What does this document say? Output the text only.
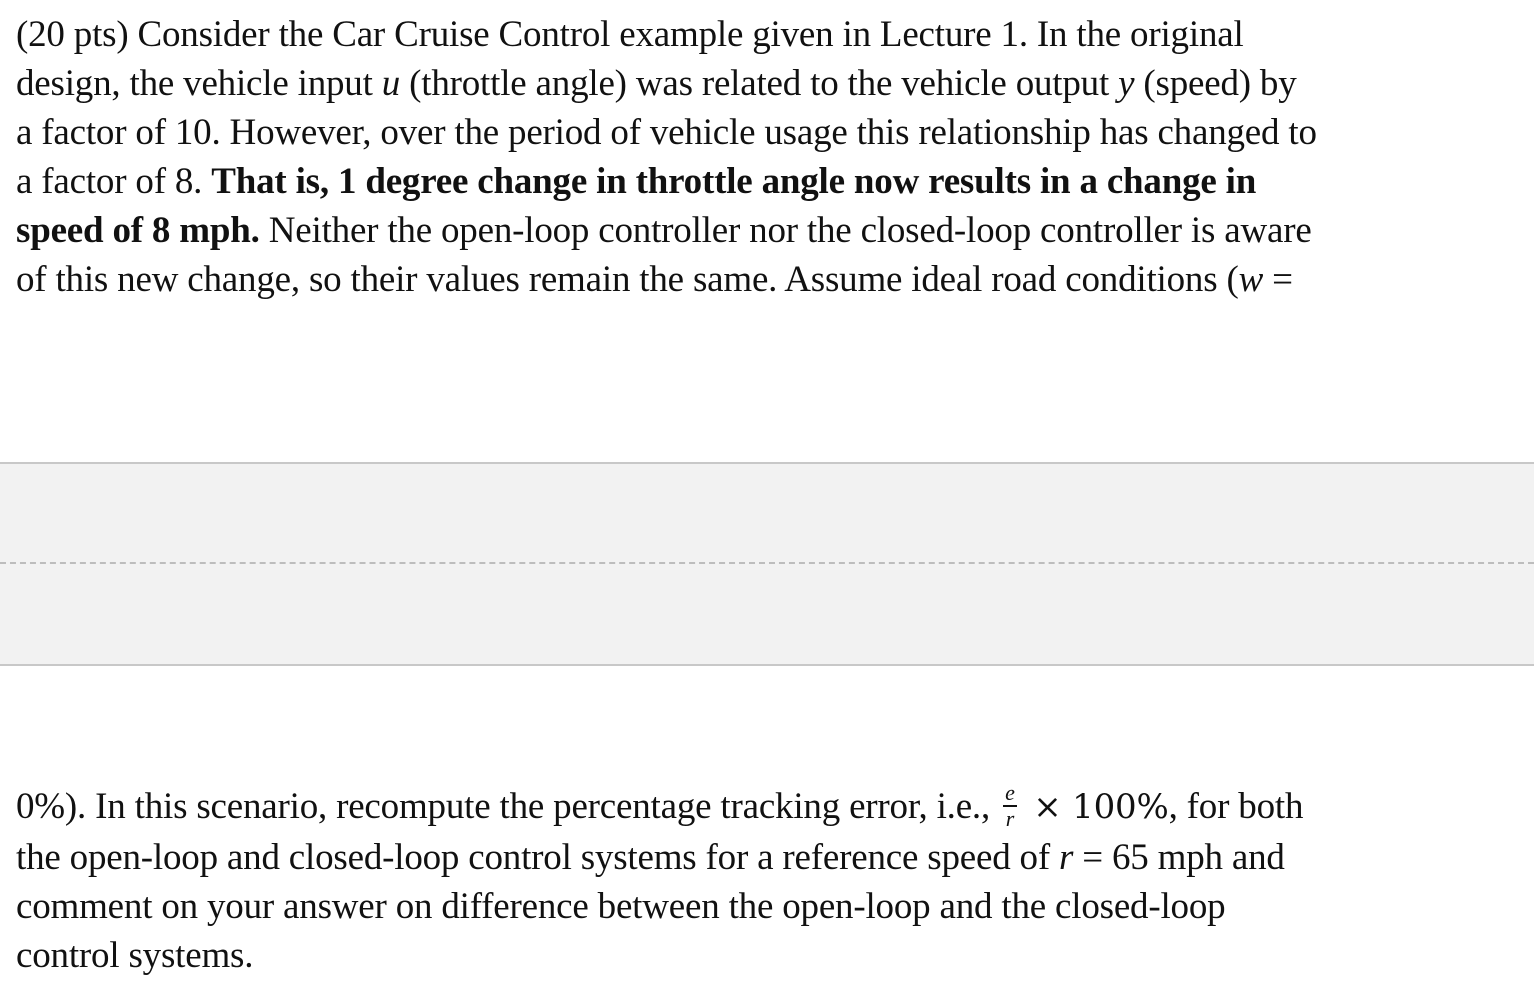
(20 pts) Consider the Car Cruise Control example given in Lecture 1. In the original
design, the vehicle input u (throttle angle) was related to the vehicle output y (speed) by
a factor of 10. However, over the period of vehicle usage this relationship has changed to
a factor of 8. That is, 1 degree change in throttle angle now results in a change in
speed of 8 mph. Neither the open-loop controller nor the closed-loop controller is aware
of this new change, so their values remain the same. Assume ideal road conditions (w =
0%). In this scenario, recompute the percentage tracking error, i.e., $\frac{e}{r} \times 100\%$, for both
the open-loop and closed-loop control systems for a reference speed of r = 65 mph and
comment on your answer on difference between the open-loop and the closed-loop
control systems.
